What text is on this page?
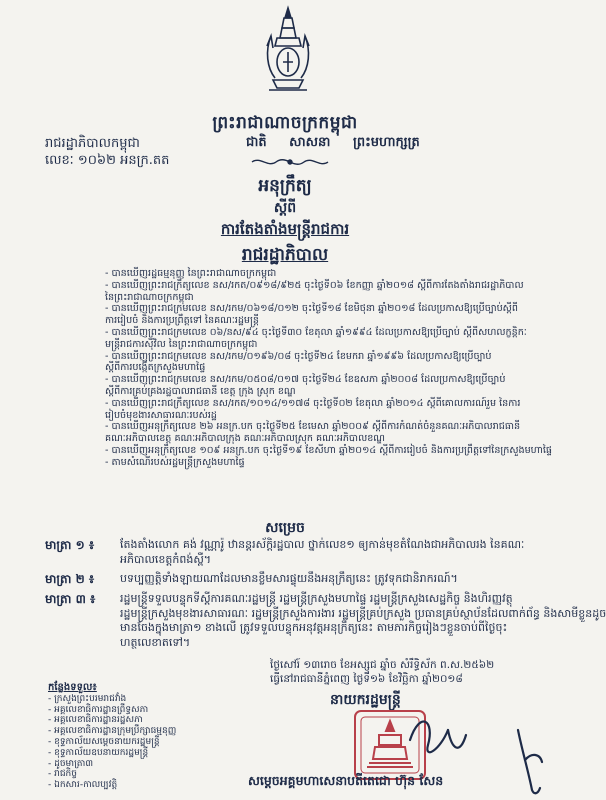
ព្រះរាជាណាចក្រកម្ពុជា
រាជរដ្ឋាភិបាលកម្ពុជា	ជាតិ សាសនា ព្រះមហាក្សត្រ
លេខៈ ១០៦២ អនក្រ.តត
អនុក្រឹត្យ
ស្តីពី
ការតែងតាំងមន្ត្រីរាជការ
រាជរដ្ឋាភិបាល
- បានឃើញរដ្ឋធម្មនុញ្ញ នៃព្រះរាជាណាចក្រកម្ពុជា
- បានឃើញព្រះរាជក្រឹត្យលេខ នស/រកត/០៩១៨/៩២៥ ចុះថ្ងៃទី០៦ ខែកញ្ញា ឆ្នាំ២០១៨ ស្តីពីការតែងតាំងរាជរដ្ឋាភិបាល
នៃព្រះរាជាណាចក្រកម្ពុជា
- បានឃើញព្រះរាជក្រមលេខ នស/រកម/០៦១៨/០១២ ចុះថ្ងៃទី១៨ ខែមិថុនា ឆ្នាំ២០១៨ ដែលប្រកាសឱ្យប្រើច្បាប់ស្តីពី
ការរៀបចំ និងការប្រព្រឹត្តទៅ នៃគណៈរដ្ឋមន្ត្រី
- បានឃើញព្រះរាជក្រមលេខ ០៦/នស/៩៤ ចុះថ្ងៃទី៣០ ខែតុលា ឆ្នាំ១៩៩៤ ដែលប្រកាសឱ្យប្រើច្បាប់ ស្តីពីសហលក្ខន្តិកៈ
មន្ត្រីរាជការស៊ីវិល នៃព្រះរាជាណាចក្រកម្ពុជា
- បានឃើញព្រះរាជក្រមលេខ នស/រកម/០១៩៦/០៨ ចុះថ្ងៃទី២៤ ខែមករា ឆ្នាំ១៩៩៦ ដែលប្រកាសឱ្យប្រើច្បាប់
ស្តីពីការបង្កើតក្រសួងមហាផ្ទៃ
- បានឃើញព្រះរាជក្រមលេខ នស/រកម/០៥០៨/០១៧ ចុះថ្ងៃទី២៤ ខែឧសភា ឆ្នាំ២០០៨ ដែលប្រកាសឱ្យប្រើច្បាប់
ស្តីពីការគ្រប់គ្រងរដ្ឋបាលរាជធានី ខេត្ត ក្រុង ស្រុក ខណ្ឌ
- បានឃើញព្រះរាជក្រឹត្យលេខ នស/រកត/១០១៤/១១៧៨ ចុះថ្ងៃទី០២ ខែតុលា ឆ្នាំ២០១៤ ស្តីពីគោលការណ៍រួម នៃការ
រៀបចំមុខងារសាធារណៈរបស់រដ្ឋ
- បានឃើញអនុក្រឹត្យលេខ ២៦ អនក្រ.បក ចុះថ្ងៃទី២៥ ខែមេសា ឆ្នាំ២០០៩ ស្តីពីការកំណត់ចំនួនគណៈអភិបាលរាជធានី
គណៈអភិបាលខេត្ត គណៈអភិបាលក្រុង គណៈអភិបាលស្រុក គណៈអភិបាលខណ្ឌ
- បានឃើញអនុក្រឹត្យលេខ ១០៩ អនក្រ.បក ចុះថ្ងៃទី១៩ ខែសីហា ឆ្នាំ២០១៤ ស្តីពីការរៀបចំ និងការប្រព្រឹត្តទៅនៃក្រសួងមហាផ្ទៃ
- តាមសំណើរបស់រដ្ឋមន្ត្រីក្រសួងមហាផ្ទៃ
សម្រេច
មាត្រា ១ ៖ តែងតាំងលោក គង់ វណ្ណារ៉ូ ឋានន្តរស័ក្តិរដ្ឋបាល ថ្នាក់លេខ១ ឲ្យកាន់មុខតំណែងជាអភិបាលរង នៃគណៈ
អភិបាលខេត្តកំពង់ស្ពឺ។
មាត្រា ២ ៖ បទប្បញ្ញត្តិទាំងឡាយណាដែលមានខ្លឹមសារផ្ទុយនឹងអនុក្រឹត្យនេះ ត្រូវទុកជានិរាករណ៍។
មាត្រា ៣ ៖ រដ្ឋមន្ត្រីទទួលបន្ទុកទីស្តីការគណៈរដ្ឋមន្ត្រី រដ្ឋមន្ត្រីក្រសួងមហាផ្ទៃ រដ្ឋមន្ត្រីក្រសួងសេដ្ឋកិច្ច និងហិរញ្ញវត្ថុ
រដ្ឋមន្ត្រីក្រសួងមុខងារសាធារណៈ រដ្ឋមន្ត្រីក្រសួងការងារ រដ្ឋមន្ត្រីគ្រប់ក្រសួង ប្រធានគ្រប់ស្ថាប័នដែលពាក់ព័ន្ធ និងសាមីខ្លួនដូច
មានចែងក្នុងមាត្រា១ ខាងលើ ត្រូវទទួលបន្ទុកអនុវត្តអនុក្រឹត្យនេះ តាមភារកិច្ចរៀងៗខ្លួនចាប់ពីថ្ងៃចុះ
ហត្ថលេខាតទៅ។
ថ្ងៃសៅរ៍ ១៣រោច ខែអស្សុជ ឆ្នាំច សំរឹទ្ធិស័ក ព.ស.២៥៦២
ធ្វើនៅរាជធានីភ្នំពេញ ថ្ងៃទី១៦ ខែវិច្ឆិកា ឆ្នាំ២០១៨
នាយករដ្ឋមន្ត្រី
កន្លែងទទួល៖
- ក្រសួងព្រះបរមរាជវាំង
- អគ្គលេខាធិការដ្ឋានព្រឹទ្ធសភា
- អគ្គលេខាធិការដ្ឋានរដ្ឋសភា
- អគ្គលេខាធិការដ្ឋានក្រុមប្រឹក្សាធម្មនុញ្ញ
- ខុទ្ទកាល័យសម្តេចនាយករដ្ឋមន្ត្រី
- ខុទ្ទកាល័យឧបនាយករដ្ឋមន្ត្រី
- ដូចមាត្រា៣
- រាជកិច្ច
- ឯកសារ-កាលប្បវត្តិ	សម្តេចអគ្គមហាសេនាបតីតេជោ ហ៊ុន សែន
